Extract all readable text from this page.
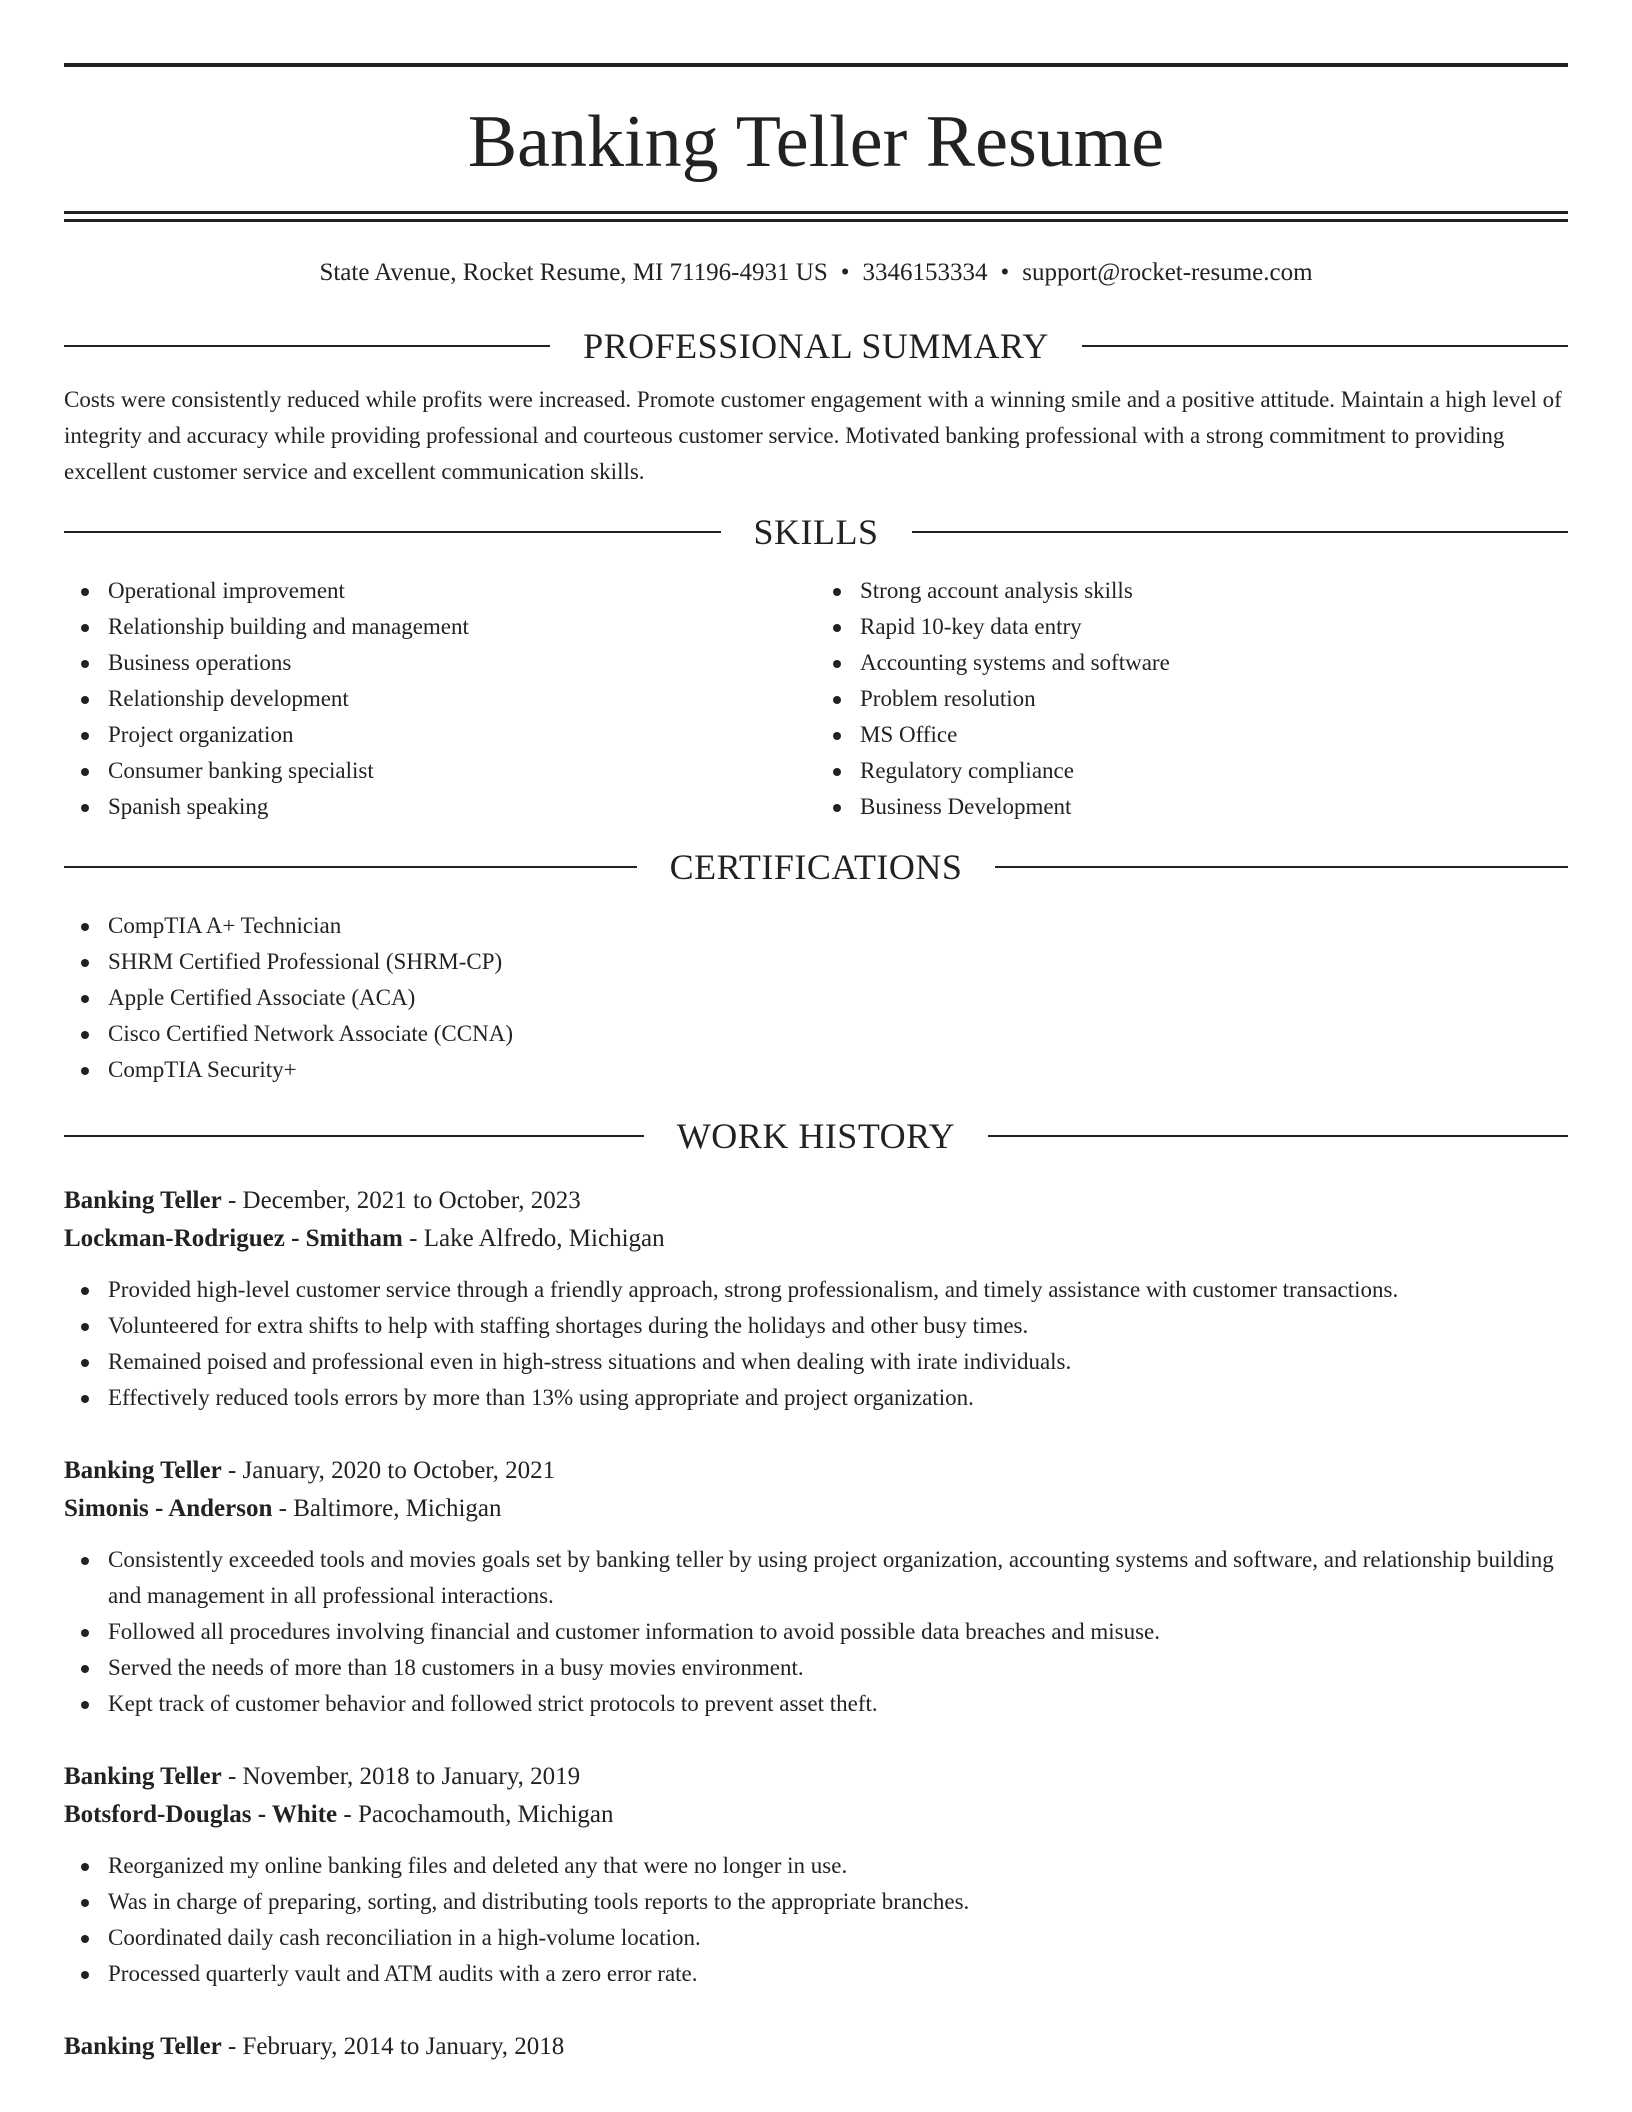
Banking Teller Resume
State Avenue, Rocket Resume, MI 71196-4931 US • 3346153334 • support@rocket-resume.com
PROFESSIONAL SUMMARY
Costs were consistently reduced while profits were increased. Promote customer engagement with a winning smile and a positive attitude. Maintain a high level of integrity and accuracy while providing professional and courteous customer service. Motivated banking professional with a strong commitment to providing excellent customer service and excellent communication skills.
SKILLS
Operational improvement
Relationship building and management
Business operations
Relationship development
Project organization
Consumer banking specialist
Spanish speaking
Strong account analysis skills
Rapid 10-key data entry
Accounting systems and software
Problem resolution
MS Office
Regulatory compliance
Business Development
CERTIFICATIONS
CompTIA A+ Technician
SHRM Certified Professional (SHRM-CP)
Apple Certified Associate (ACA)
Cisco Certified Network Associate (CCNA)
CompTIA Security+
WORK HISTORY
Banking Teller - December, 2021 to October, 2023
Lockman-Rodriguez - Smitham - Lake Alfredo, Michigan
Provided high-level customer service through a friendly approach, strong professionalism, and timely assistance with customer transactions.
Volunteered for extra shifts to help with staffing shortages during the holidays and other busy times.
Remained poised and professional even in high-stress situations and when dealing with irate individuals.
Effectively reduced tools errors by more than 13% using appropriate and project organization.
Banking Teller - January, 2020 to October, 2021
Simonis - Anderson - Baltimore, Michigan
Consistently exceeded tools and movies goals set by banking teller by using project organization, accounting systems and software, and relationship building and management in all professional interactions.
Followed all procedures involving financial and customer information to avoid possible data breaches and misuse.
Served the needs of more than 18 customers in a busy movies environment.
Kept track of customer behavior and followed strict protocols to prevent asset theft.
Banking Teller - November, 2018 to January, 2019
Botsford-Douglas - White - Pacochamouth, Michigan
Reorganized my online banking files and deleted any that were no longer in use.
Was in charge of preparing, sorting, and distributing tools reports to the appropriate branches.
Coordinated daily cash reconciliation in a high-volume location.
Processed quarterly vault and ATM audits with a zero error rate.
Banking Teller - February, 2014 to January, 2018
